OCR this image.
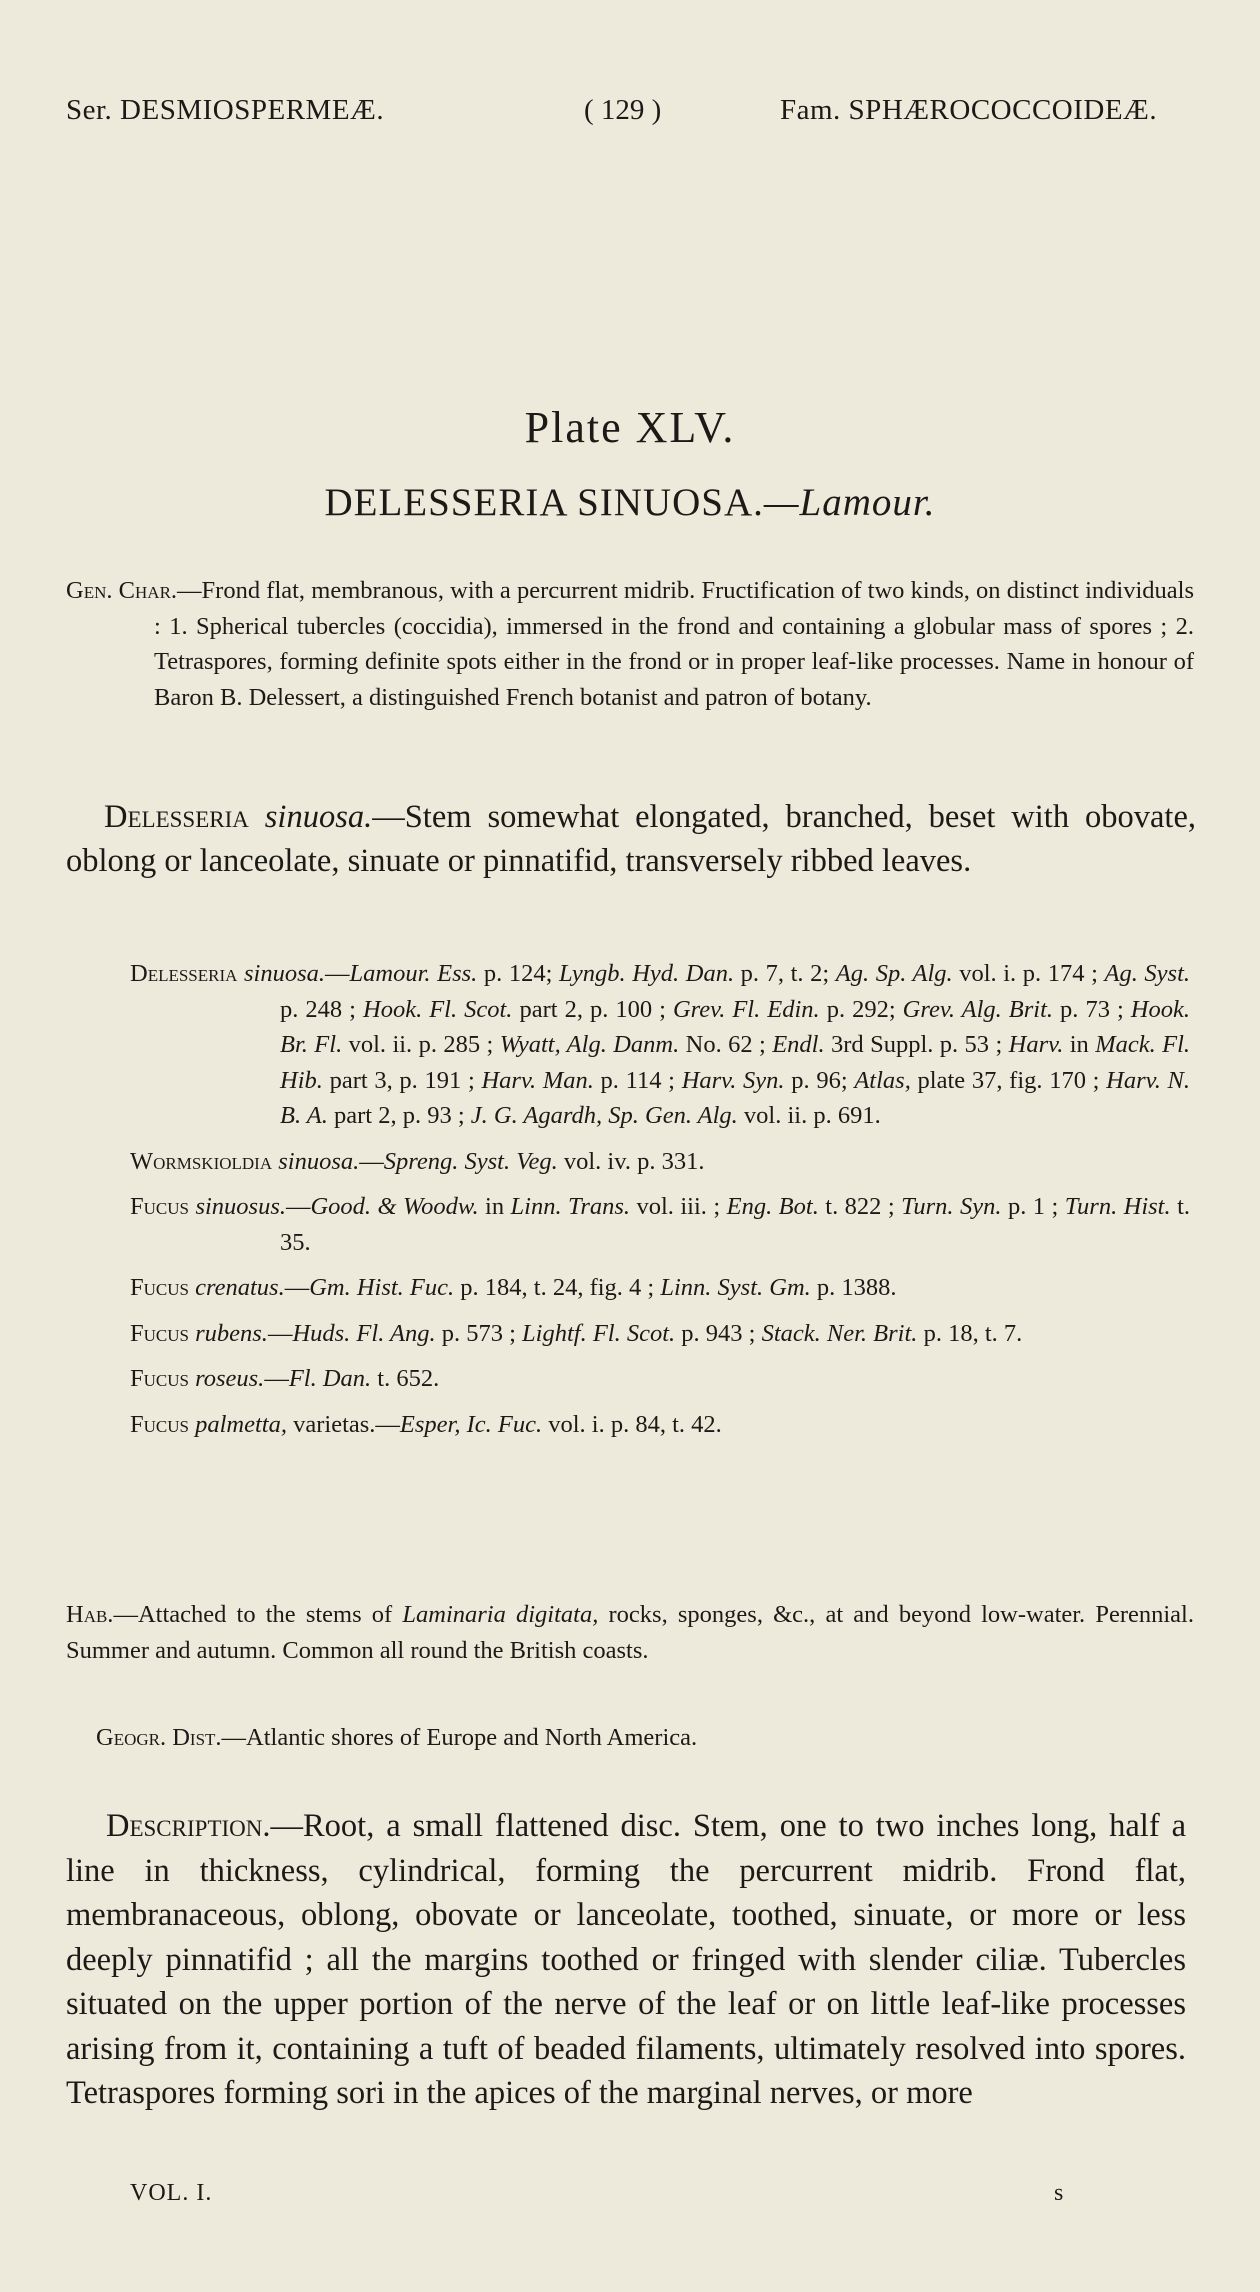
Ser. DESMIOSPERMEÆ.	( 129 )	Fam. SPHÆROCOCCOIDEÆ.
Plate XLV.
DELESSERIA SINUOSA.—Lamour.

Gen. Char.—Frond flat, membranous, with a percurrent midrib. Fructification of two kinds, on distinct individuals : 1. Spherical tubercles (coccidia), immersed in the frond and containing a globular mass of spores ; 2. Tetraspores, forming definite spots either in the frond or in proper leaf-like processes. Name in honour of Baron B. Delessert, a distinguished French botanist and patron of botany.

Delesseria sinuosa.—Stem somewhat elongated, branched, beset with obovate, oblong or lanceolate, sinuate or pinnatifid, transversely ribbed leaves.

Delesseria sinuosa.—Lamour. Ess. p. 124; Lyngb. Hyd. Dan. p. 7, t. 2; Ag. Sp. Alg. vol. i. p. 174 ; Ag. Syst. p. 248 ; Hook. Fl. Scot. part 2, p. 100 ; Grev. Fl. Edin. p. 292; Grev. Alg. Brit. p. 73 ; Hook. Br. Fl. vol. ii. p. 285 ; Wyatt, Alg. Danm. No. 62 ; Endl. 3rd Suppl. p. 53 ; Harv. in Mack. Fl. Hib. part 3, p. 191 ; Harv. Man. p. 114 ; Harv. Syn. p. 96; Atlas, plate 37, fig. 170 ; Harv. N. B. A. part 2, p. 93 ; J. G. Agardh, Sp. Gen. Alg. vol. ii. p. 691.

Wormskioldia sinuosa.—Spreng. Syst. Veg. vol. iv. p. 331.

Fucus sinuosus.—Good. & Woodw. in Linn. Trans. vol. iii. ; Eng. Bot. t. 822 ; Turn. Syn. p. 1 ; Turn. Hist. t. 35.

Fucus crenatus.—Gm. Hist. Fuc. p. 184, t. 24, fig. 4 ; Linn. Syst. Gm. p. 1388.

Fucus rubens.—Huds. Fl. Ang. p. 573 ; Lightf. Fl. Scot. p. 943 ; Stack. Ner. Brit. p. 18, t. 7.

Fucus roseus.—Fl. Dan. t. 652.

Fucus palmetta, varietas.—Esper, Ic. Fuc. vol. i. p. 84, t. 42.

Hab.—Attached to the stems of Laminaria digitata, rocks, sponges, &c., at and beyond low-water. Perennial. Summer and autumn. Common all round the British coasts.

Geogr. Dist.—Atlantic shores of Europe and North America.

Description.—Root, a small flattened disc. Stem, one to two inches long, half a line in thickness, cylindrical, forming the percurrent midrib. Frond flat, membranaceous, oblong, obovate or lanceolate, toothed, sinuate, or more or less deeply pinnatifid ; all the margins toothed or fringed with slender ciliæ. Tubercles situated on the upper portion of the nerve of the leaf or on little leaf-like processes arising from it, containing a tuft of beaded filaments, ultimately resolved into spores. Tetraspores forming sori in the apices of the marginal nerves, or more

VOL. I.	s
